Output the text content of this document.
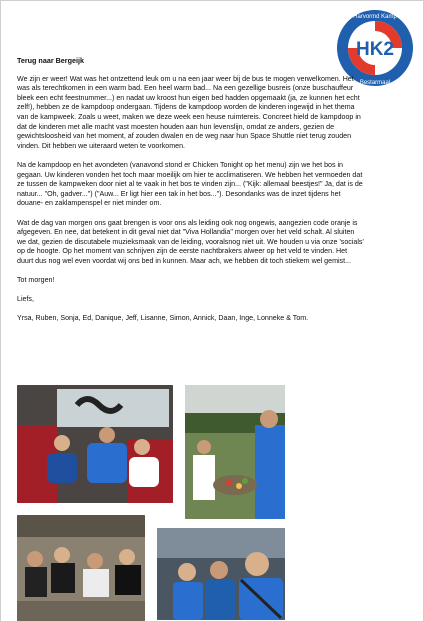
HK2
Harvormd Kamp
Bestarmaal
Terug naar Bergeijk

We zijn er weer! Wat was het ontzettend leuk om u na een jaar weer bij de bus te mogen verwelkomen. Het was als terechtkomen in een warm bad. Een heel warm bad... Na een gezellige busreis (onze buschauffeur bleek een echt feestnummer...) en nadat uw kroost hun eigen bed hadden opgemaakt (ja, ze kunnen het echt zelf!), hebben ze de kampdoop ondergaan. Tijdens de kampdoop worden de kinderen ingewijd in het thema van de kampweek. Zoals u weet, maken we deze week een heuse ruimtereis. Concreet hield de kampdoop in dat de kinderen met alle macht vast moesten houden aan hun levenslijn, omdat ze anders, gezien de gewichtsloosheid van het moment, af zouden dwalen en de weg naar hun Space Shuttle niet terug zouden vinden. Dit hebben we uiteraard weten te voorkomen.

Na de kampdoop en het avondeten (vanavond stond er Chicken Tonight op het menu) zijn we het bos in gegaan. Uw kinderen vonden het toch maar moeilijk om hier te acclimatiseren. We hebben het vermoeden dat ze tussen de kampweken door niet al te vaak in het bos te vinden zijn... ("Kijk: allemaal beestjes!" Ja, dat is de natuur... "Oh, gadver...") ("Auw... Er ligt hier een tak in het bos..."). Desondanks was de inzet tijdens het douane- en zaklampenspel er niet minder om.

Wat de dag van morgen ons gaat brengen is voor ons als leiding ook nog ongewis, aangezien code oranje is afgegeven. En nee, dat betekent in dit geval niet dat "Viva Hollandia" morgen over het veld schalt. Al sluiten we dat, gezien de discutabele muzieksmaak van de leiding, vooralsnog niet uit. We houden u via onze 'socials' op de hoogte. Op het moment van schrijven zijn de eerste nachtbrakers alweer op het veld te vinden. Het duurt dus nog wel even voordat wij ons bed in kunnen. Maar ach, we hebben dit toch stiekem wel gemist...

Tot morgen!

Liefs,

Yrsa, Ruben, Sonja, Ed, Danique, Jeff, Lisanne, Simon, Annick, Daan, Inge, Lonneke & Tom.
